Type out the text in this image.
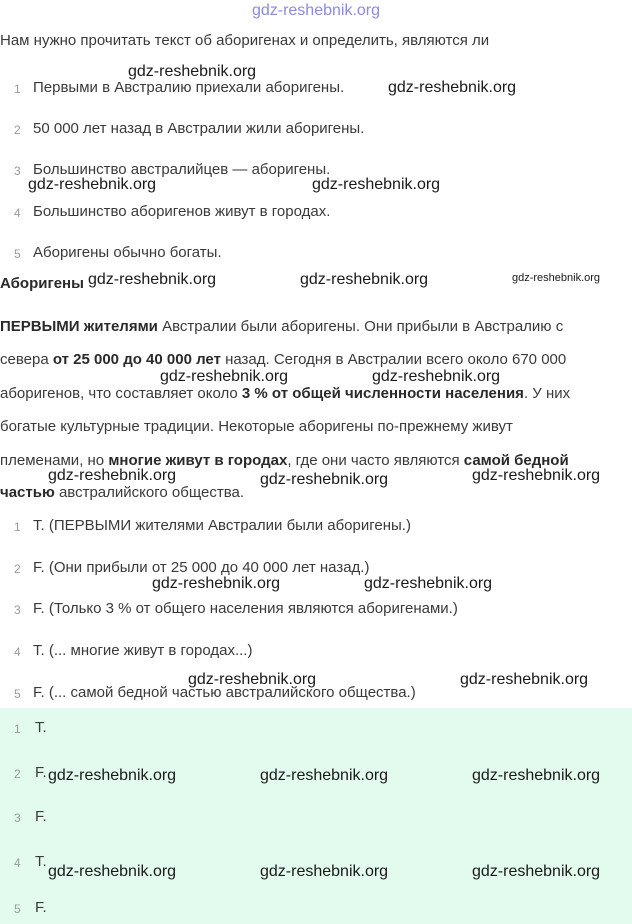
gdz-reshebnik.org
Нам нужно прочитать текст об аборигенах и определить, являются ли
1 Первыми в Австралию приехали аборигены.
2 50 000 лет назад в Австралии жили аборигены.
3 Большинство австралийцев — аборигены.
4 Большинство аборигенов живут в городах.
5 Аборигены обычно богаты.
Аборигены
ПЕРВЫМИ жителями Австралии были аборигены. Они прибыли в Австралию с
севера от 25 000 до 40 000 лет назад. Сегодня в Австралии всего около 670 000
аборигенов, что составляет около 3 % от общей численности населения. У них
богатые культурные традиции. Некоторые аборигены по-прежнему живут
племенами, но многие живут в городах, где они часто являются самой бедной
частью австралийского общества.
1 T. (ПЕРВЫМИ жителями Австралии были аборигены.)
2 F. (Они прибыли от 25 000 до 40 000 лет назад.)
3 F. (Только 3 % от общего населения являются аборигенами.)
4 T. (... многие живут в городах...)
5 F. (... самой бедной частью австралийского общества.)
1 T.
2 F.
3 F.
4 T.
5 F.
gdz-reshebnik.org
gdz-reshebnik.org
gdz-reshebnik.org	gdz-reshebnik.org
gdz-reshebnik.org	gdz-reshebnik.org	gdz-reshebnik.org
gdz-reshebnik.org	gdz-reshebnik.org
gdz-reshebnik.org	gdz-reshebnik.org	gdz-reshebnik.org
gdz-reshebnik.org	gdz-reshebnik.org
gdz-reshebnik.org	gdz-reshebnik.org
gdz-reshebnik.org	gdz-reshebnik.org	gdz-reshebnik.org
gdz-reshebnik.org	gdz-reshebnik.org	gdz-reshebnik.org
